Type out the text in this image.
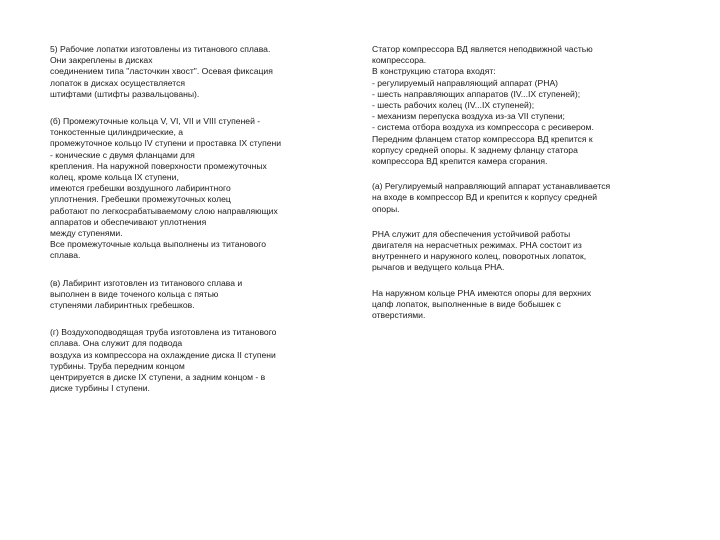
5) Рабочие лопатки изготовлены из титанового сплава.
Они закреплены в дисках
соединением типа "ласточкин хвост". Осевая фиксация
лопаток в дисках осуществляется
штифтами (штифты развальцованы).
(б) Промежуточные кольца V, VI, VII и VIII ступеней -
тонкостенные цилиндрические, а
промежуточное кольцо IV ступени и проставка IX ступени
- конические с двумя фланцами для
крепления. На наружной поверхности промежуточных
колец, кроме кольца IX ступени,
имеются гребешки воздушного лабиринтного
уплотнения. Гребешки промежуточных колец
работают по легкосрабатываемому слою направляющих
аппаратов и обеспечивают уплотнения
между ступенями.
Все промежуточные кольца выполнены из титанового
сплава.
(в) Лабиринт изготовлен из титанового сплава и
выполнен в виде точеного кольца с пятью
ступенями лабиринтных гребешков.
(г) Воздухоподводящая труба изготовлена из титанового
сплава. Она служит для подвода
воздуха из компрессора на охлаждение диска II ступени
турбины. Труба передним концом
центрируется в диске IX ступени, а задним концом - в
диске турбины I ступени.
Статор компрессора ВД является неподвижной частью
компрессора.
В конструкцию статора входят:
- регулируемый направляющий аппарат (РНА)
- шесть направляющих аппаратов (IV...IX ступеней);
- шесть рабочих колец (IV...IX ступеней);
- механизм перепуска воздуха из-за VII ступени;
- система отбора воздуха из компрессора с ресивером.
Передним фланцем статор компрессора ВД крепится к
корпусу средней опоры. К заднему фланцу статора
компрессора ВД крепится камера сгорания.
(а) Регулируемый направляющий аппарат устанавливается
на входе в компрессор ВД и крепится к корпусу средней
опоры.
РНА служит для обеспечения устойчивой работы
двигателя на нерасчетных режимах. РНА состоит из
внутреннего и наружного колец, поворотных лопаток,
рычагов и ведущего кольца РНА.
На наружном кольце РНА имеются опоры для верхних
цапф лопаток, выполненные в виде бобышек с
отверстиями.
